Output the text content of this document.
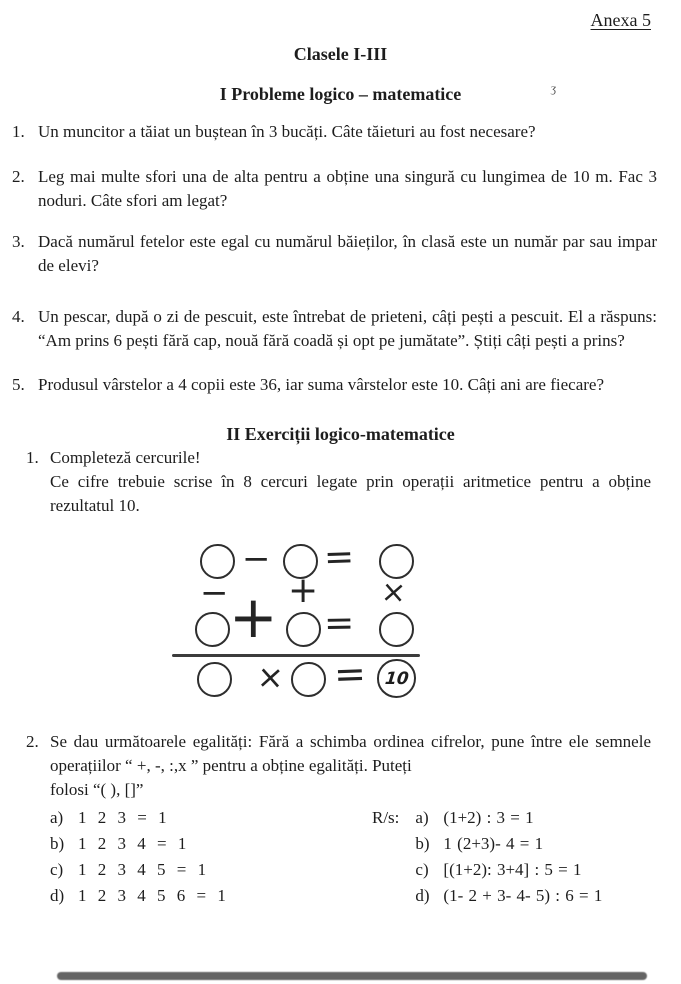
Anexa 5
Clasele I-III
I Probleme logico – matematice	ʒ
1. Un muncitor a tăiat un buștean în 3 bucăți. Câte tăieturi au fost necesare?
2. Leg mai multe sfori una de alta pentru a obține una singură cu lungimea de 10 m. Fac 3 noduri. Câte sfori am legat?
3. Dacă numărul fetelor este egal cu numărul băieților, în clasă este un număr par sau impar de elevi?
4. Un pescar, după o zi de pescuit, este întrebat de prieteni, câți pești a pescuit. El a răspuns: “Am prins 6 pești fără cap, nouă fără coadă și opt pe jumătate”. Știți câți pești a prins?
5. Produsul vârstelor a 4 copii este 36, iar suma vârstelor este 10. Câți ani are fiecare?
II Exerciții logico-matematice
1. Completeză cercurile!
Ce cifre trebuie scrise în 8 cercuri legate prin operații aritmetice pentru a obține rezultatul 10.
− =
− + ×
+ =
× = 10
2. Se dau următoarele egalități: Fără a schimba ordinea cifrelor, pune între ele semnele operațiilor “ +, -, :,x ” pentru a obține egalități. Puteți
folosi “( ), []”
a) 1 2 3 = 1
b) 1 2 3 4 = 1
c) 1 2 3 4 5 = 1
d) 1 2 3 4 5 6 = 1
R/s: a) (1+2) : 3 = 1
b) 1 (2+3)- 4 = 1
c) [(1+2): 3+4] : 5 = 1
d) (1- 2 + 3- 4- 5) : 6 = 1
